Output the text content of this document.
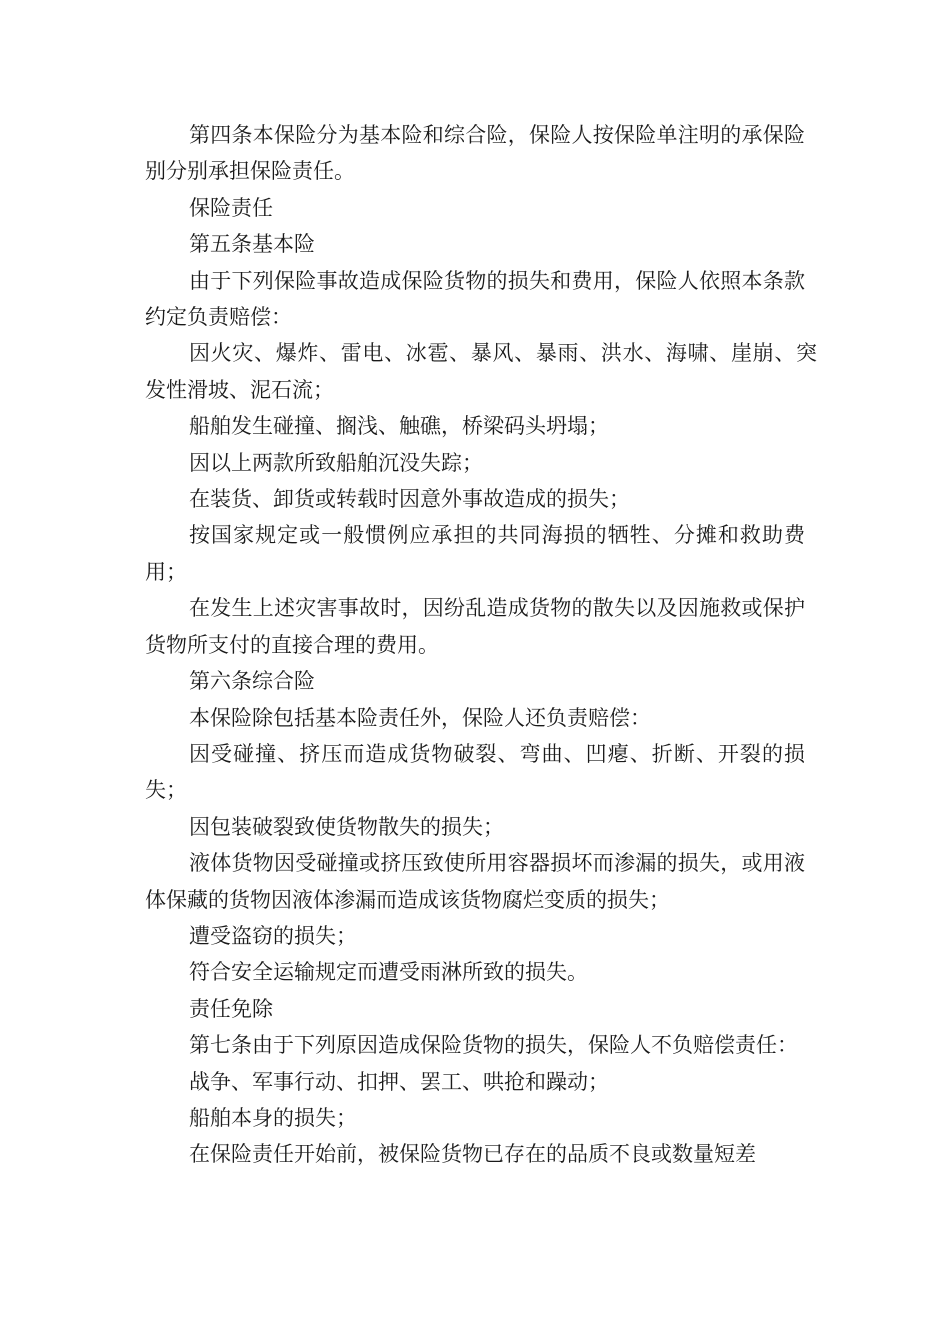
第四条本保险分为基本险和综合险，保险人按保险单注明的承保险别分别承担保险责任。

保险责任

第五条基本险

由于下列保险事故造成保险货物的损失和费用，保险人依照本条款约定负责赔偿：

因火灾、爆炸、雷电、冰雹、暴风、暴雨、洪水、海啸、崖崩、突发性滑坡、泥石流；

船舶发生碰撞、搁浅、触礁，桥梁码头坍塌；

因以上两款所致船舶沉没失踪；

在装货、卸货或转载时因意外事故造成的损失；

按国家规定或一般惯例应承担的共同海损的牺牲、分摊和救助费用；

在发生上述灾害事故时，因纷乱造成货物的散失以及因施救或保护货物所支付的直接合理的费用。

第六条综合险

本保险除包括基本险责任外，保险人还负责赔偿：

因受碰撞、挤压而造成货物破裂、弯曲、凹瘪、折断、开裂的损失；

因包装破裂致使货物散失的损失；

液体货物因受碰撞或挤压致使所用容器损坏而渗漏的损失，或用液体保藏的货物因液体渗漏而造成该货物腐烂变质的损失；

遭受盗窃的损失；

符合安全运输规定而遭受雨淋所致的损失。

责任免除

第七条由于下列原因造成保险货物的损失，保险人不负赔偿责任：

战争、军事行动、扣押、罢工、哄抢和躁动；

船舶本身的损失；

在保险责任开始前，被保险货物已存在的品质不良或数量短差
